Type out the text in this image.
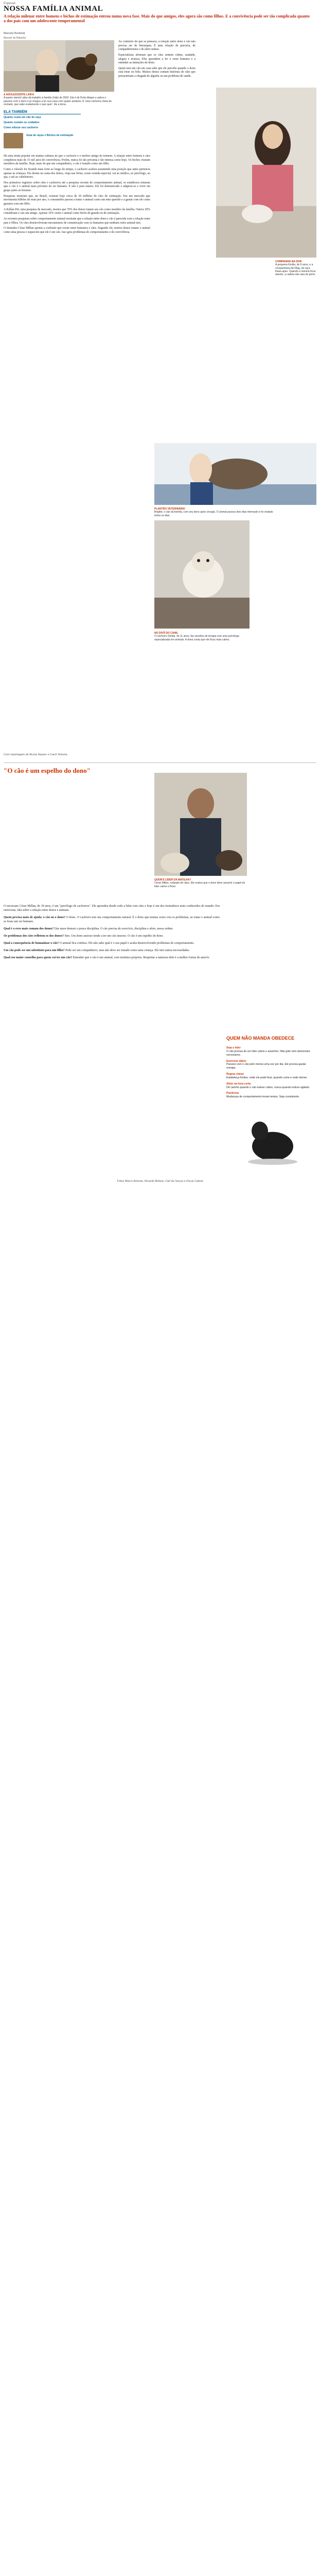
Especial
NOSSA FAMÍLIA ANIMAL
A relação milenar entre homens e bichos de estimação entrou numa nova fase. Mais do que amigos, eles agora são como filhos. E a convivência pode ser tão complicada quanto a dos pais com um adolescente temperamental
Marcelo Bortoloti
Manoel de Ribeirão
A ADOLESCENTE LAIKA
A pastor alemã Laika dá trabalho à família Zottiz de 2003. Ela é de Porto Alegre e adora o passeio com o dono e já chegou a ter sua casa com quatro andares. É 'uma cachorra cheia de vontade, que sabe exatamente o que quer', diz a dona.
ELA TAMBÉM
Quanto custa um cão de raça
Quanto custam os cuidados
Como educar seu cachorro
Guia de raças e Bichos de estimação

Há uma lenda popular em muitas culturas de que o cachorro é o melhor amigo do homem. A relação entre homens e cães completou mais de 15 mil anos de convivência. Porém, nunca foi tão próxima e tão intensa como hoje. Os bichos viraram membros da família. Hoje, mais do que um companheiro, o cão é tratado como um filho.

Como o vínculo foi ficando mais forte ao longo do tempo, o cachorro acabou assumindo uma posição que antes pertencia apenas às crianças. Ele dorme na cama dos donos, viaja nas férias, come comida especial, vai ao médico, ao psicólogo, ao spa, e até ao cabeleireiro.

Dos primeiros registros sobre cães e cachorros até a pesquisa recente de comportamento animal, os estudiosos notaram que o cão é o animal mais próximo do ser humano. E não é para menos. Ele foi domesticado e adaptou-se a viver em grupo junto ao homem.

Pesquisas mostram que, no Brasil, existem hoje cerca de 30 milhões de cães de estimação. Em um mercado que movimenta bilhões de reais por ano, o consumidor passou a tratar o animal como um ente querido e a gastar com ele como gastaria com um filho.

A Kellan Pet, uma pesquisa de mercado, mostra que 70% dos donos tratam seu cão como membro da família. Outros 20% consideram o cão um amigo. Apenas 10% veem o animal como bicho de guarda ou de estimação.

As recentes pesquisas sobre comportamento animal mostram que a relação entre dono e cão é parecida com a relação entre pais e filhos. Os cães desenvolveram mecanismos de comunicação com os humanos que nenhum outro animal tem.

O domador César Millan aponta a confusão que existe entre humanos e cães. Segundo ele, muitos donos tratam o animal como uma pessoa e esquecem que ele é um cão. Isso gera problemas de comportamento e de convivência.

Ao contrário do que se pensava, a relação entre dono e cão não precisa ser de hierarquia. É uma relação de parceria, de companheirismo e de afeto mútuo.

Especialistas afirmam que os cães sentem ciúme, saudade, alegria e tristeza. Eles aprendem a ler o rosto humano e a entender as intenções do dono.

Quem tem um cão em casa sabe que ele percebe quando o dono está triste ou feliz. Muitos donos contam histórias de cães que pressentiram a chegada de alguém ou um problema de saúde.

COMPANHIA NA DOR
A pequena Emilia, de 9 anos, e a companheira fiel Mag, da raça lhasa apso. Quando a menina ficou doente, a cadela não saiu de perto.
PLANTÃO VETERINÁRIO
Brigitte, o cão da família, com seu dono após cirurgia. O animal passou dois dias internado e foi visitado todos os dias.
NO DIVÃ DO CANIL
O cachorro Simba, de 11 anos, faz sessões de terapia com uma psicóloga especializada em animais. A dona conta que ele ficou mais calmo.
Com reportagem de Bruna Nasser e Carol Teixeira
"O cão é um espelho do dono"
QUEM É LÍDER DA MATILHA?
César Millan, rodeado de cães. Ele ensina que o dono deve assumir o papel de líder calmo e firme.

O mexicano César Millan, de 39 anos, é um "psicólogo de cachorros". Ele aprendeu desde cedo a lidar com cães e hoje é um dos treinadores mais conhecidos do mundo. Em entrevista, fala sobre a relação entre donos e animais.

Quem precisa mais de ajuda: o cão ou o dono? O dono. O cachorro tem um comportamento natural. É o dono que muitas vezes cria os problemas, ao tratar o animal como se fosse um ser humano.

Qual é o erro mais comum dos donos? Dar amor demais e pouca disciplina. O cão precisa de exercício, disciplina e afeto, nessa ordem.

Os problemas dos cães refletem os dos donos? Sim. Um dono ansioso tende a ter um cão ansioso. O cão é um espelho do dono.

Qual a consequência de humanizar o cão? O animal fica confuso. Ele não sabe qual é o seu papel e acaba desenvolvendo problemas de comportamento.

Um cão pode ser um substituto para um filho? Pode ser um companheiro, mas não deve ser tratado como uma criança. Ele tem outras necessidades.

Qual seu maior conselho para quem vai ter um cão? Entender que o cão é um animal, com instintos próprios. Respeitar a natureza dele é a melhor forma de amá-lo.

QUEM NÃO MANDA OBEDECE

Seja o líder
O cão precisa de um líder calmo e assertivo. Não grite nem demonstre nervosismo.

Exercício diário
Passeie com o cão pelo menos uma vez por dia. Ele precisa gastar energia.

Regras claras
Estabeleça limites: onde ele pode ficar, quando come e onde dorme.

Afeto na hora certa
Dê carinho quando o cão estiver calmo, nunca quando estiver agitado.

Paciência
Mudanças de comportamento levam tempo. Seja consistente.

Fotos Marco Antonio, Ricardo Bolivar, Carl de Souza e Oscar Cabral
